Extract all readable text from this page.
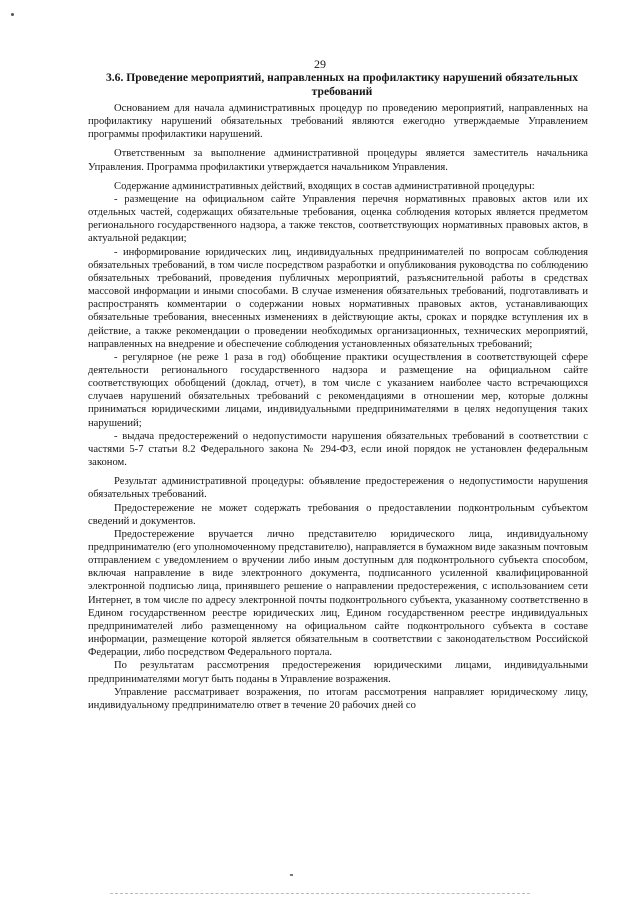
29
3.6. Проведение мероприятий, направленных на профилактику нарушений обязательных требований

Основанием для начала административных процедур по проведению мероприятий, направленных на профилактику нарушений обязательных требований являются ежегодно утверждаемые Управлением программы профилактики нарушений.

Ответственным за выполнение административной процедуры является заместитель начальника Управления. Программа профилактики утверждается начальником Управления.

Содержание административных действий, входящих в состав административной процедуры:

- размещение на официальном сайте Управления перечня нормативных правовых актов или их отдельных частей, содержащих обязательные требования, оценка соблюдения которых является предметом регионального государственного надзора, а также текстов, соответствующих нормативных правовых актов, в актуальной редакции;

- информирование юридических лиц, индивидуальных предпринимателей по вопросам соблюдения обязательных требований, в том числе посредством разработки и опубликования руководства по соблюдению обязательных требований, проведения публичных мероприятий, разъяснительной работы в средствах массовой информации и иными способами. В случае изменения обязательных требований, подготавливать и распространять комментарии о содержании новых нормативных правовых актов, устанавливающих обязательные требования, внесенных изменениях в действующие акты, сроках и порядке вступления их в действие, а также рекомендации о проведении необходимых организационных, технических мероприятий, направленных на внедрение и обеспечение соблюдения установленных обязательных требований;

- регулярное (не реже 1 раза в год) обобщение практики осуществления в соответствующей сфере деятельности регионального государственного надзора и размещение на официальном сайте соответствующих обобщений (доклад, отчет), в том числе с указанием наиболее часто встречающихся случаев нарушений обязательных требований с рекомендациями в отношении мер, которые должны приниматься юридическими лицами, индивидуальными предпринимателями в целях недопущения таких нарушений;

- выдача предостережений о недопустимости нарушения обязательных требований в соответствии с частями 5-7 статьи 8.2 Федерального закона № 294-ФЗ, если иной порядок не установлен федеральным законом.

Результат административной процедуры: объявление предостережения о недопустимости нарушения обязательных требований.

Предостережение не может содержать требования о предоставлении подконтрольным субъектом сведений и документов.

Предостережение вручается лично представителю юридического лица, индивидуальному предпринимателю (его уполномоченному представителю), направляется в бумажном виде заказным почтовым отправлением с уведомлением о вручении либо иным доступным для подконтрольного субъекта способом, включая направление в виде электронного документа, подписанного усиленной квалифицированной электронной подписью лица, принявшего решение о направлении предостережения, с использованием сети Интернет, в том числе по адресу электронной почты подконтрольного субъекта, указанному соответственно в Едином государственном реестре юридических лиц, Едином государственном реестре индивидуальных предпринимателей либо размещенному на официальном сайте подконтрольного субъекта в составе информации, размещение которой является обязательным в соответствии с законодательством Российской Федерации, либо посредством Федерального портала.

По результатам рассмотрения предостережения юридическими лицами, индивидуальными предпринимателями могут быть поданы в Управление возражения.

Управление рассматривает возражения, по итогам рассмотрения направляет юридическому лицу, индивидуальному предпринимателю ответ в течение 20 рабочих дней со
